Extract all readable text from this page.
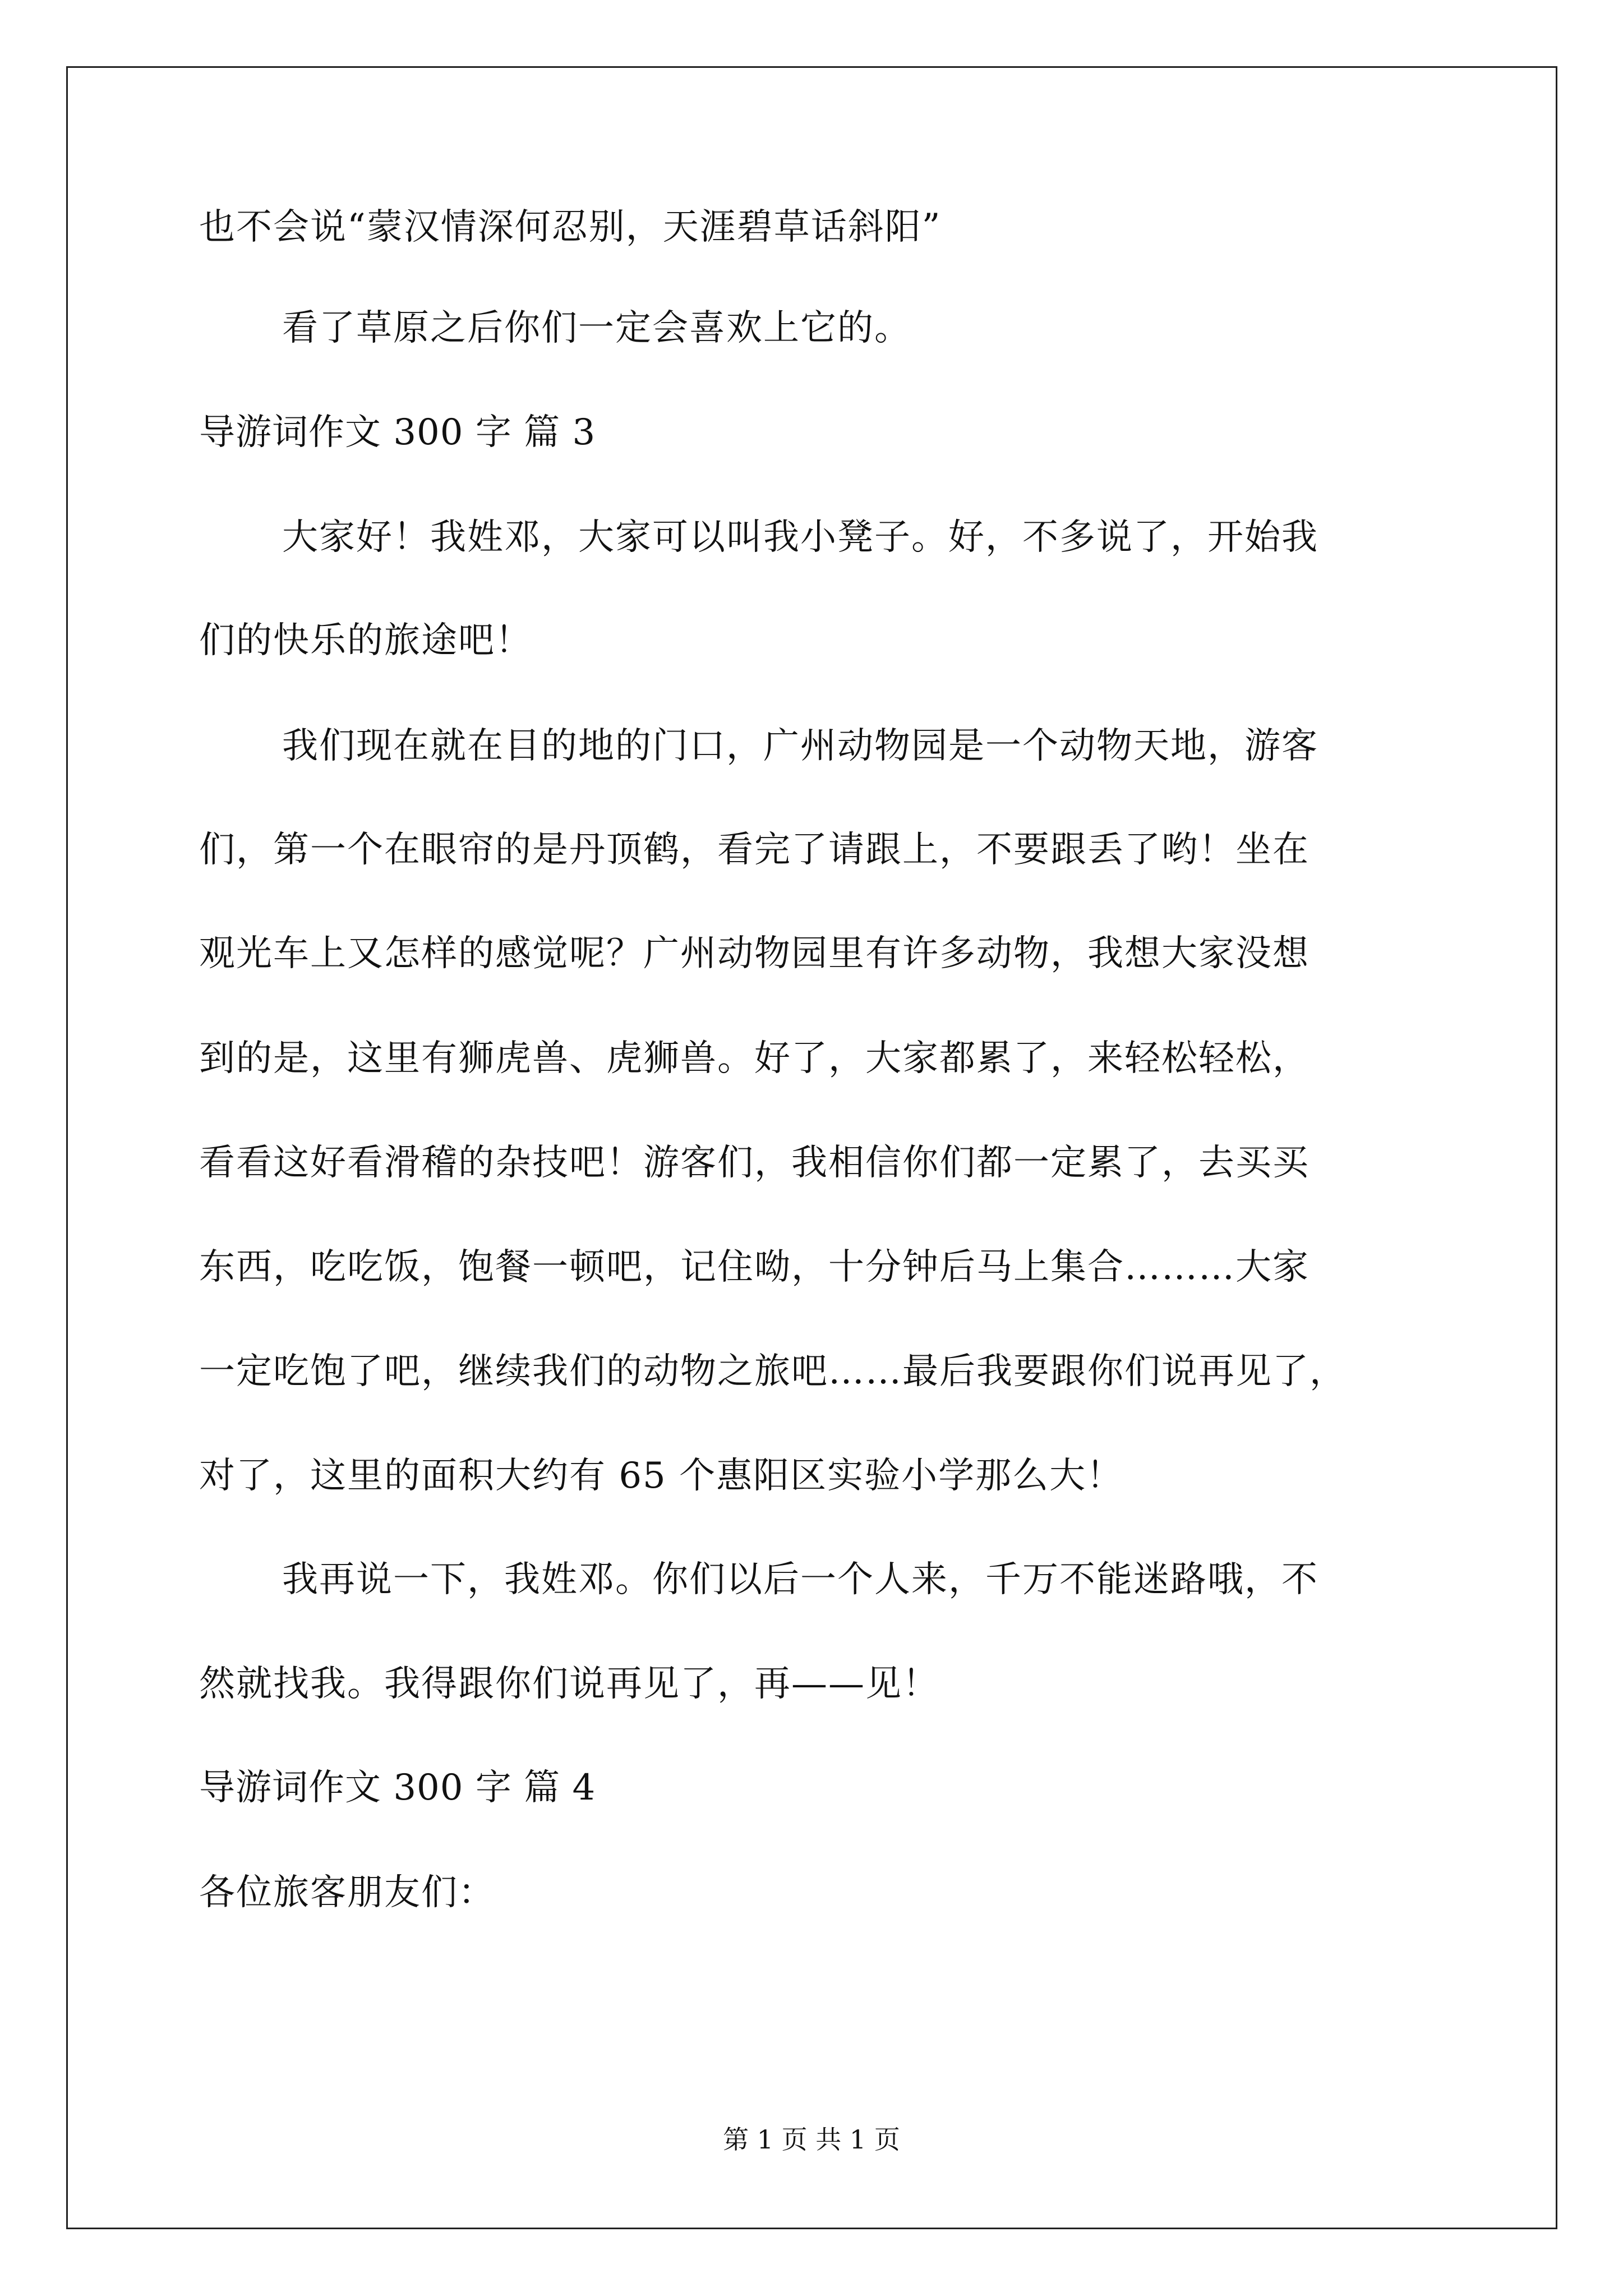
也不会说“蒙汉情深何忍别，天涯碧草话斜阳”
看了草原之后你们一定会喜欢上它的。
导游词作文 300 字 篇 3
大家好！我姓邓，大家可以叫我小凳子。好，不多说了，开始我
们的快乐的旅途吧！
我们现在就在目的地的门口，广州动物园是一个动物天地，游客
们，第一个在眼帘的是丹顶鹤，看完了请跟上，不要跟丢了哟！坐在
观光车上又怎样的感觉呢？广州动物园里有许多动物，我想大家没想
到的是，这里有狮虎兽、虎狮兽。好了，大家都累了，来轻松轻松，
看看这好看滑稽的杂技吧！游客们，我相信你们都一定累了，去买买
东西，吃吃饭，饱餐一顿吧，记住呦，十分钟后马上集合………大家
一定吃饱了吧，继续我们的动物之旅吧……最后我要跟你们说再见了，
对了，这里的面积大约有 65 个惠阳区实验小学那么大！
我再说一下，我姓邓。你们以后一个人来，千万不能迷路哦，不
然就找我。我得跟你们说再见了，再——见！
导游词作文 300 字 篇 4
各位旅客朋友们：
第 1 页 共 1 页
